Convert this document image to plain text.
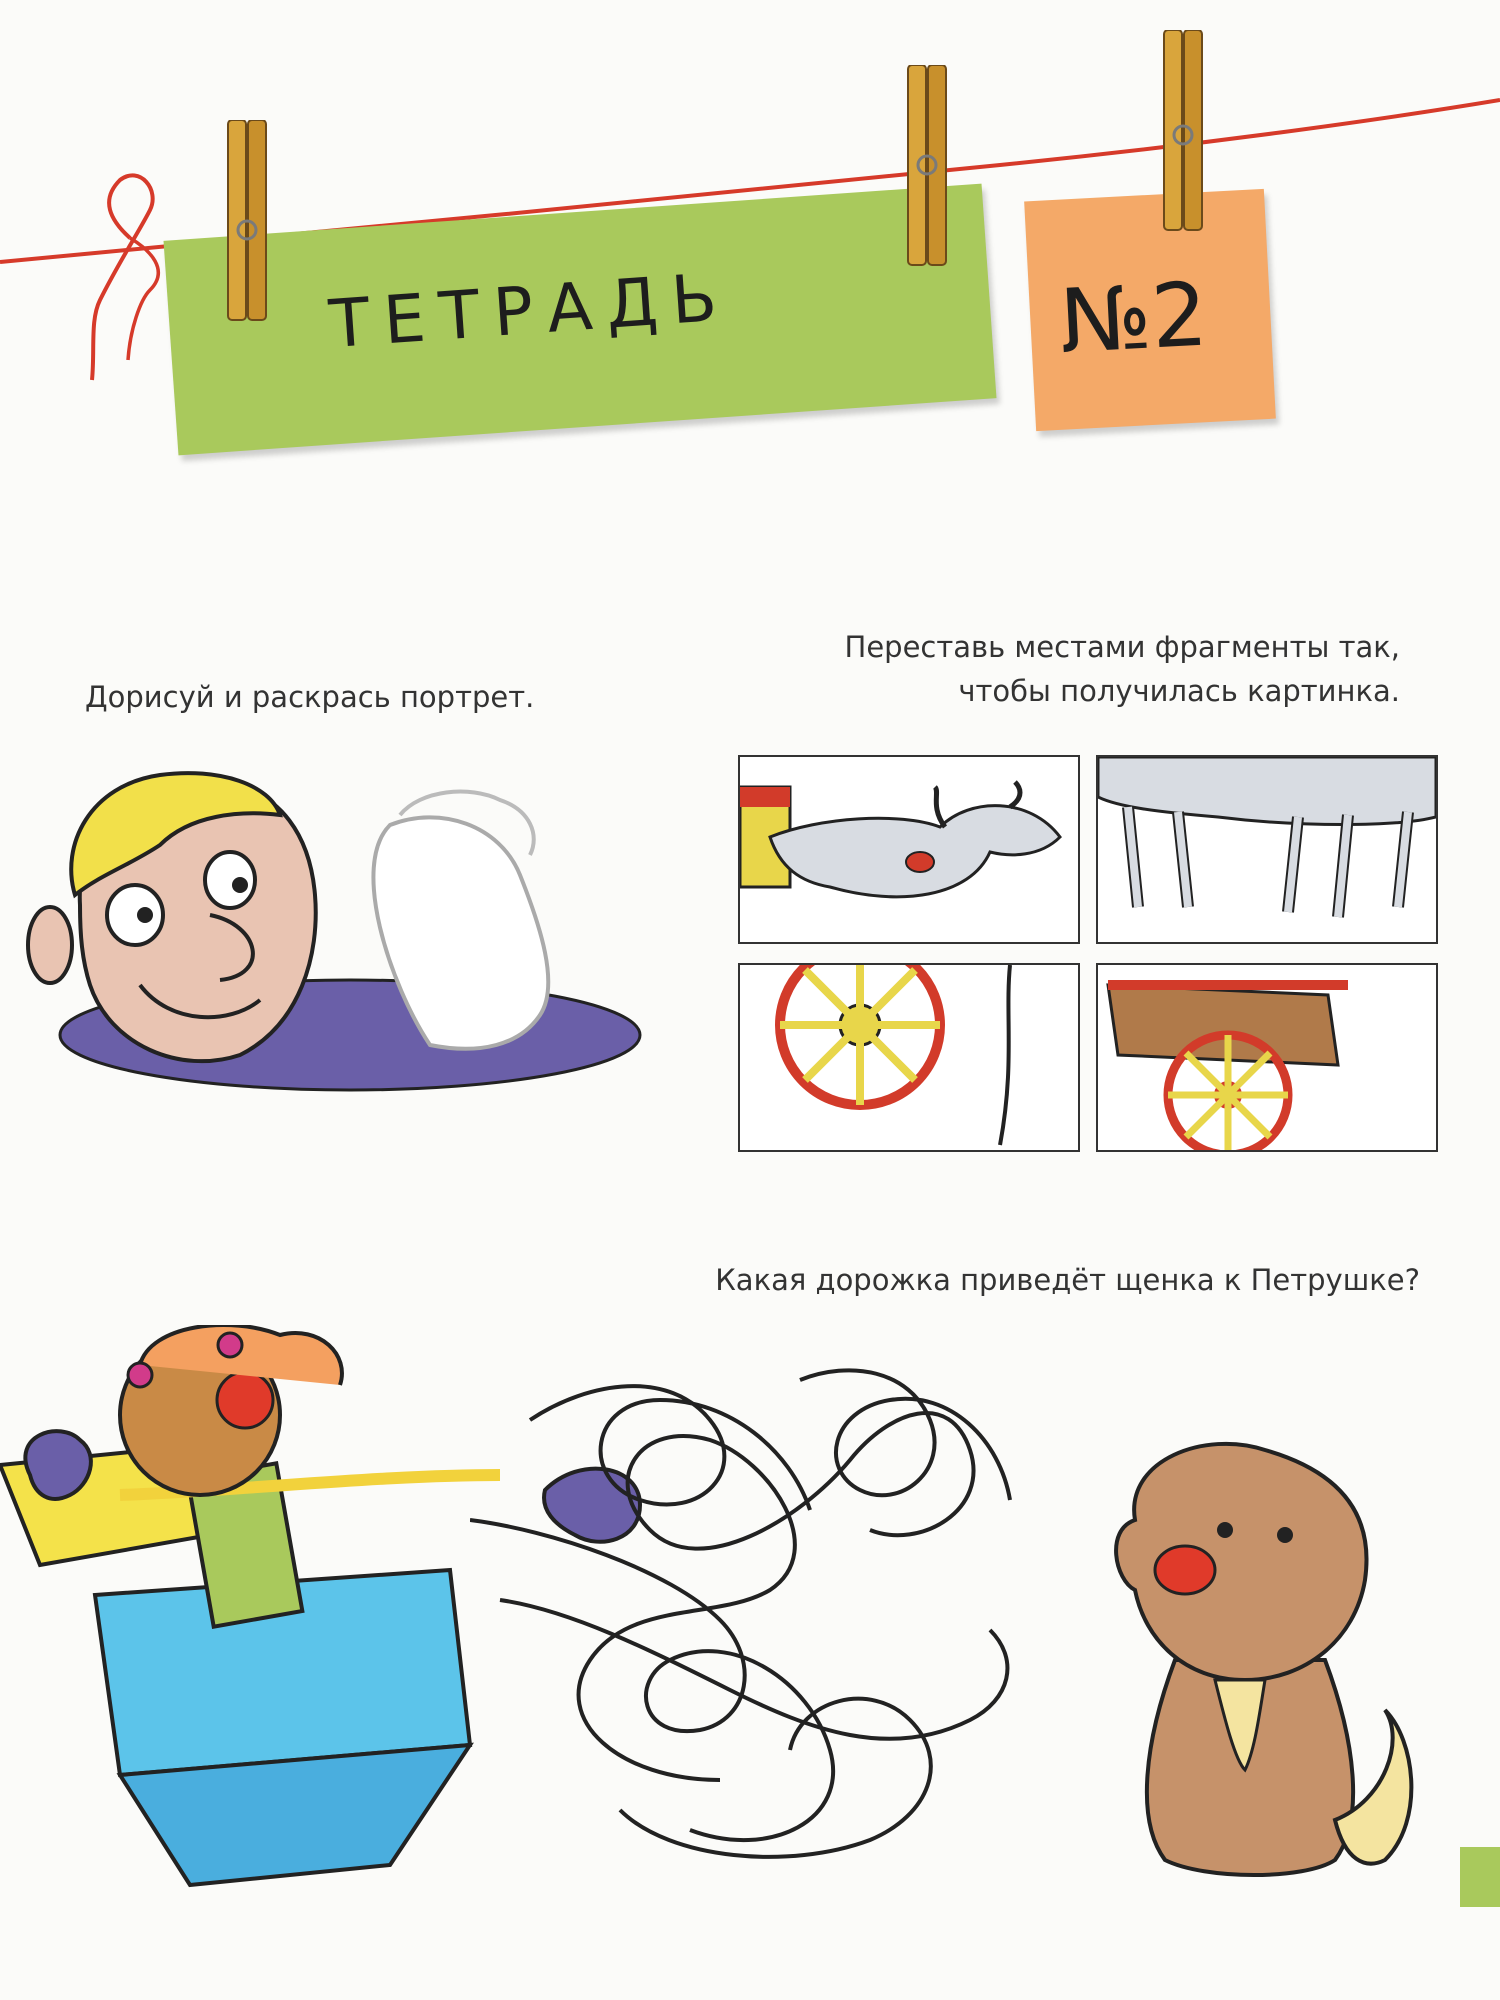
ТЕТРАДЬ	№2
Дорисуй и раскрась портрет.
Переставь местами фрагменты так,
чтобы получилась картинка.
Какая дорожка приведёт щенка к Петрушке?
